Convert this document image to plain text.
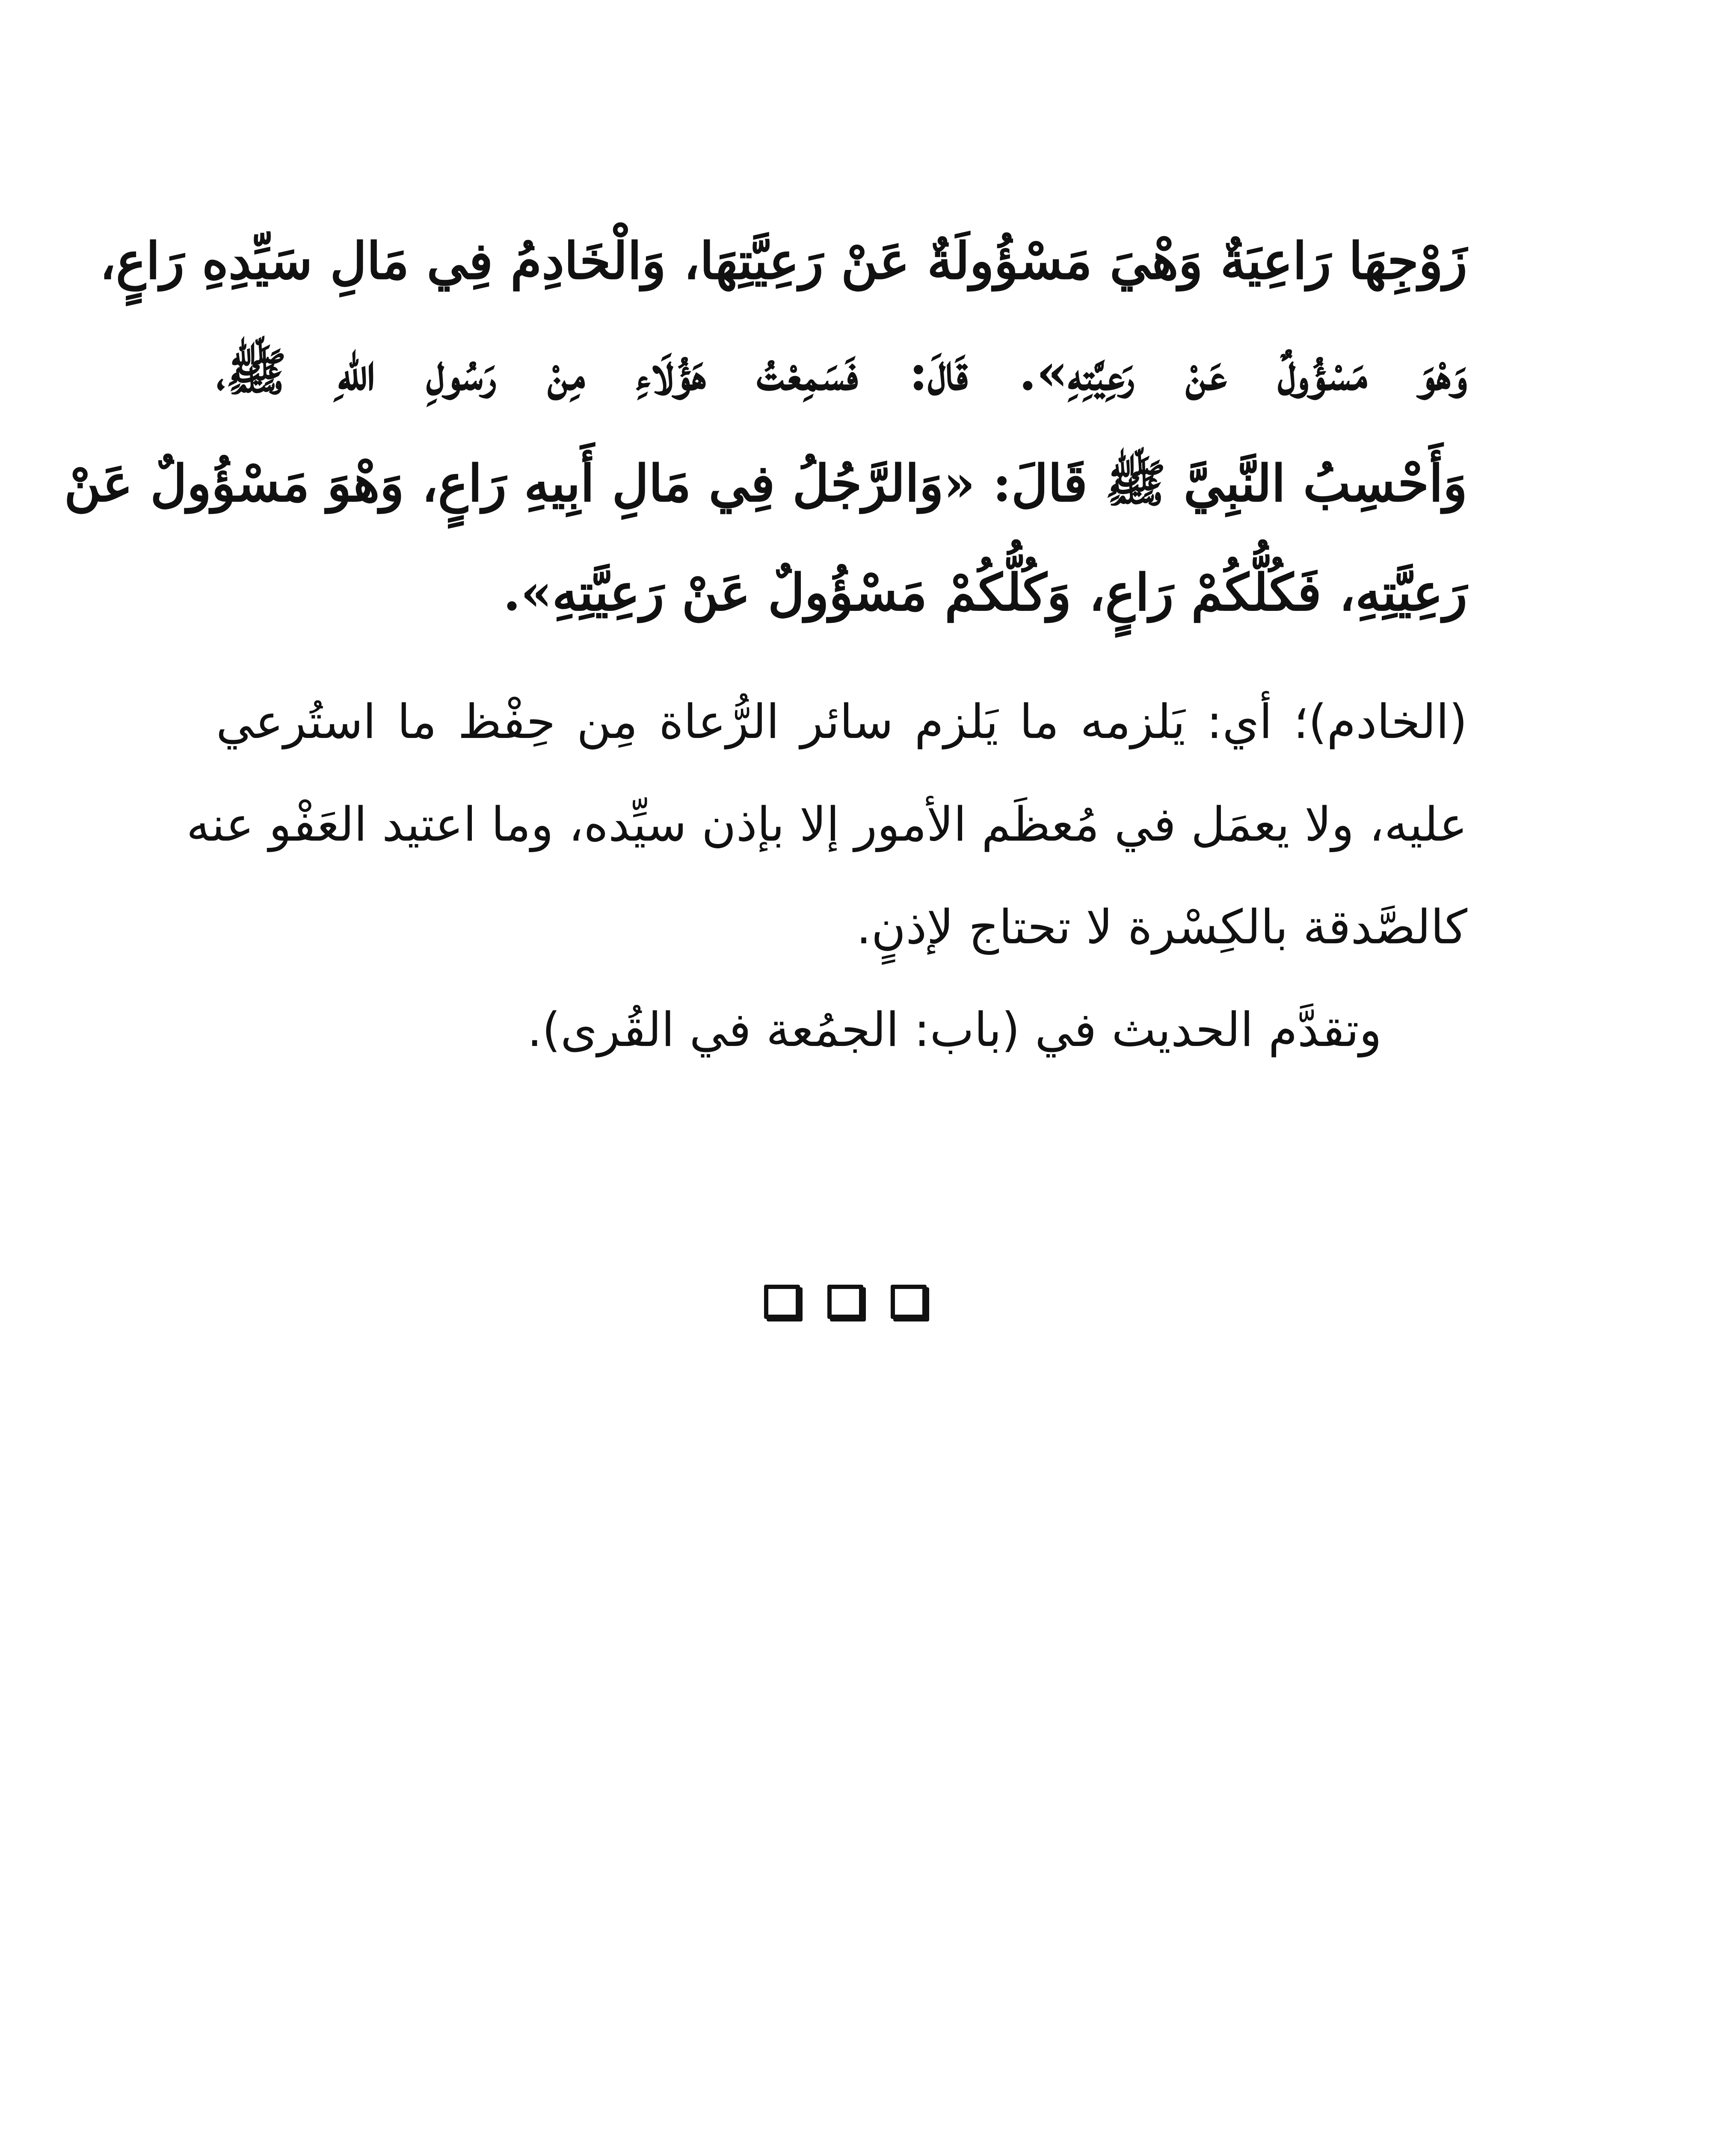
زَوْجِهَا رَاعِيَةٌ وَهْيَ مَسْؤُولَةٌ عَنْ رَعِيَّتِهَا، وَالْخَادِمُ فِي مَالِ سَيِّدِهِ رَاعٍ،
وَهْوَ مَسْؤُولٌ عَنْ رَعِيَّتِهِ». قَالَ: فَسَمِعْتُ هَؤُلَاءِ مِنْ رَسُولِ اللهِ ﷺ،
وَأَحْسِبُ النَّبِيَّ ﷺ قَالَ: «وَالرَّجُلُ فِي مَالِ أَبِيهِ رَاعٍ، وَهْوَ مَسْؤُولٌ عَنْ
رَعِيَّتِهِ، فَكُلُّكُمْ رَاعٍ، وَكُلُّكُمْ مَسْؤُولٌ عَنْ رَعِيَّتِهِ».
(الخادم)؛ أي: يَلزمه ما يَلزم سائر الرُّعاة مِن حِفْظ ما استُرعي
عليه، ولا يعمَل في مُعظَم الأمور إلا بإذن سيِّده، وما اعتيد العَفْو عنه
كالصَّدقة بالكِسْرة لا تحتاج لإذنٍ.
وتقدَّم الحديث في (باب: الجمُعة في القُرى).
